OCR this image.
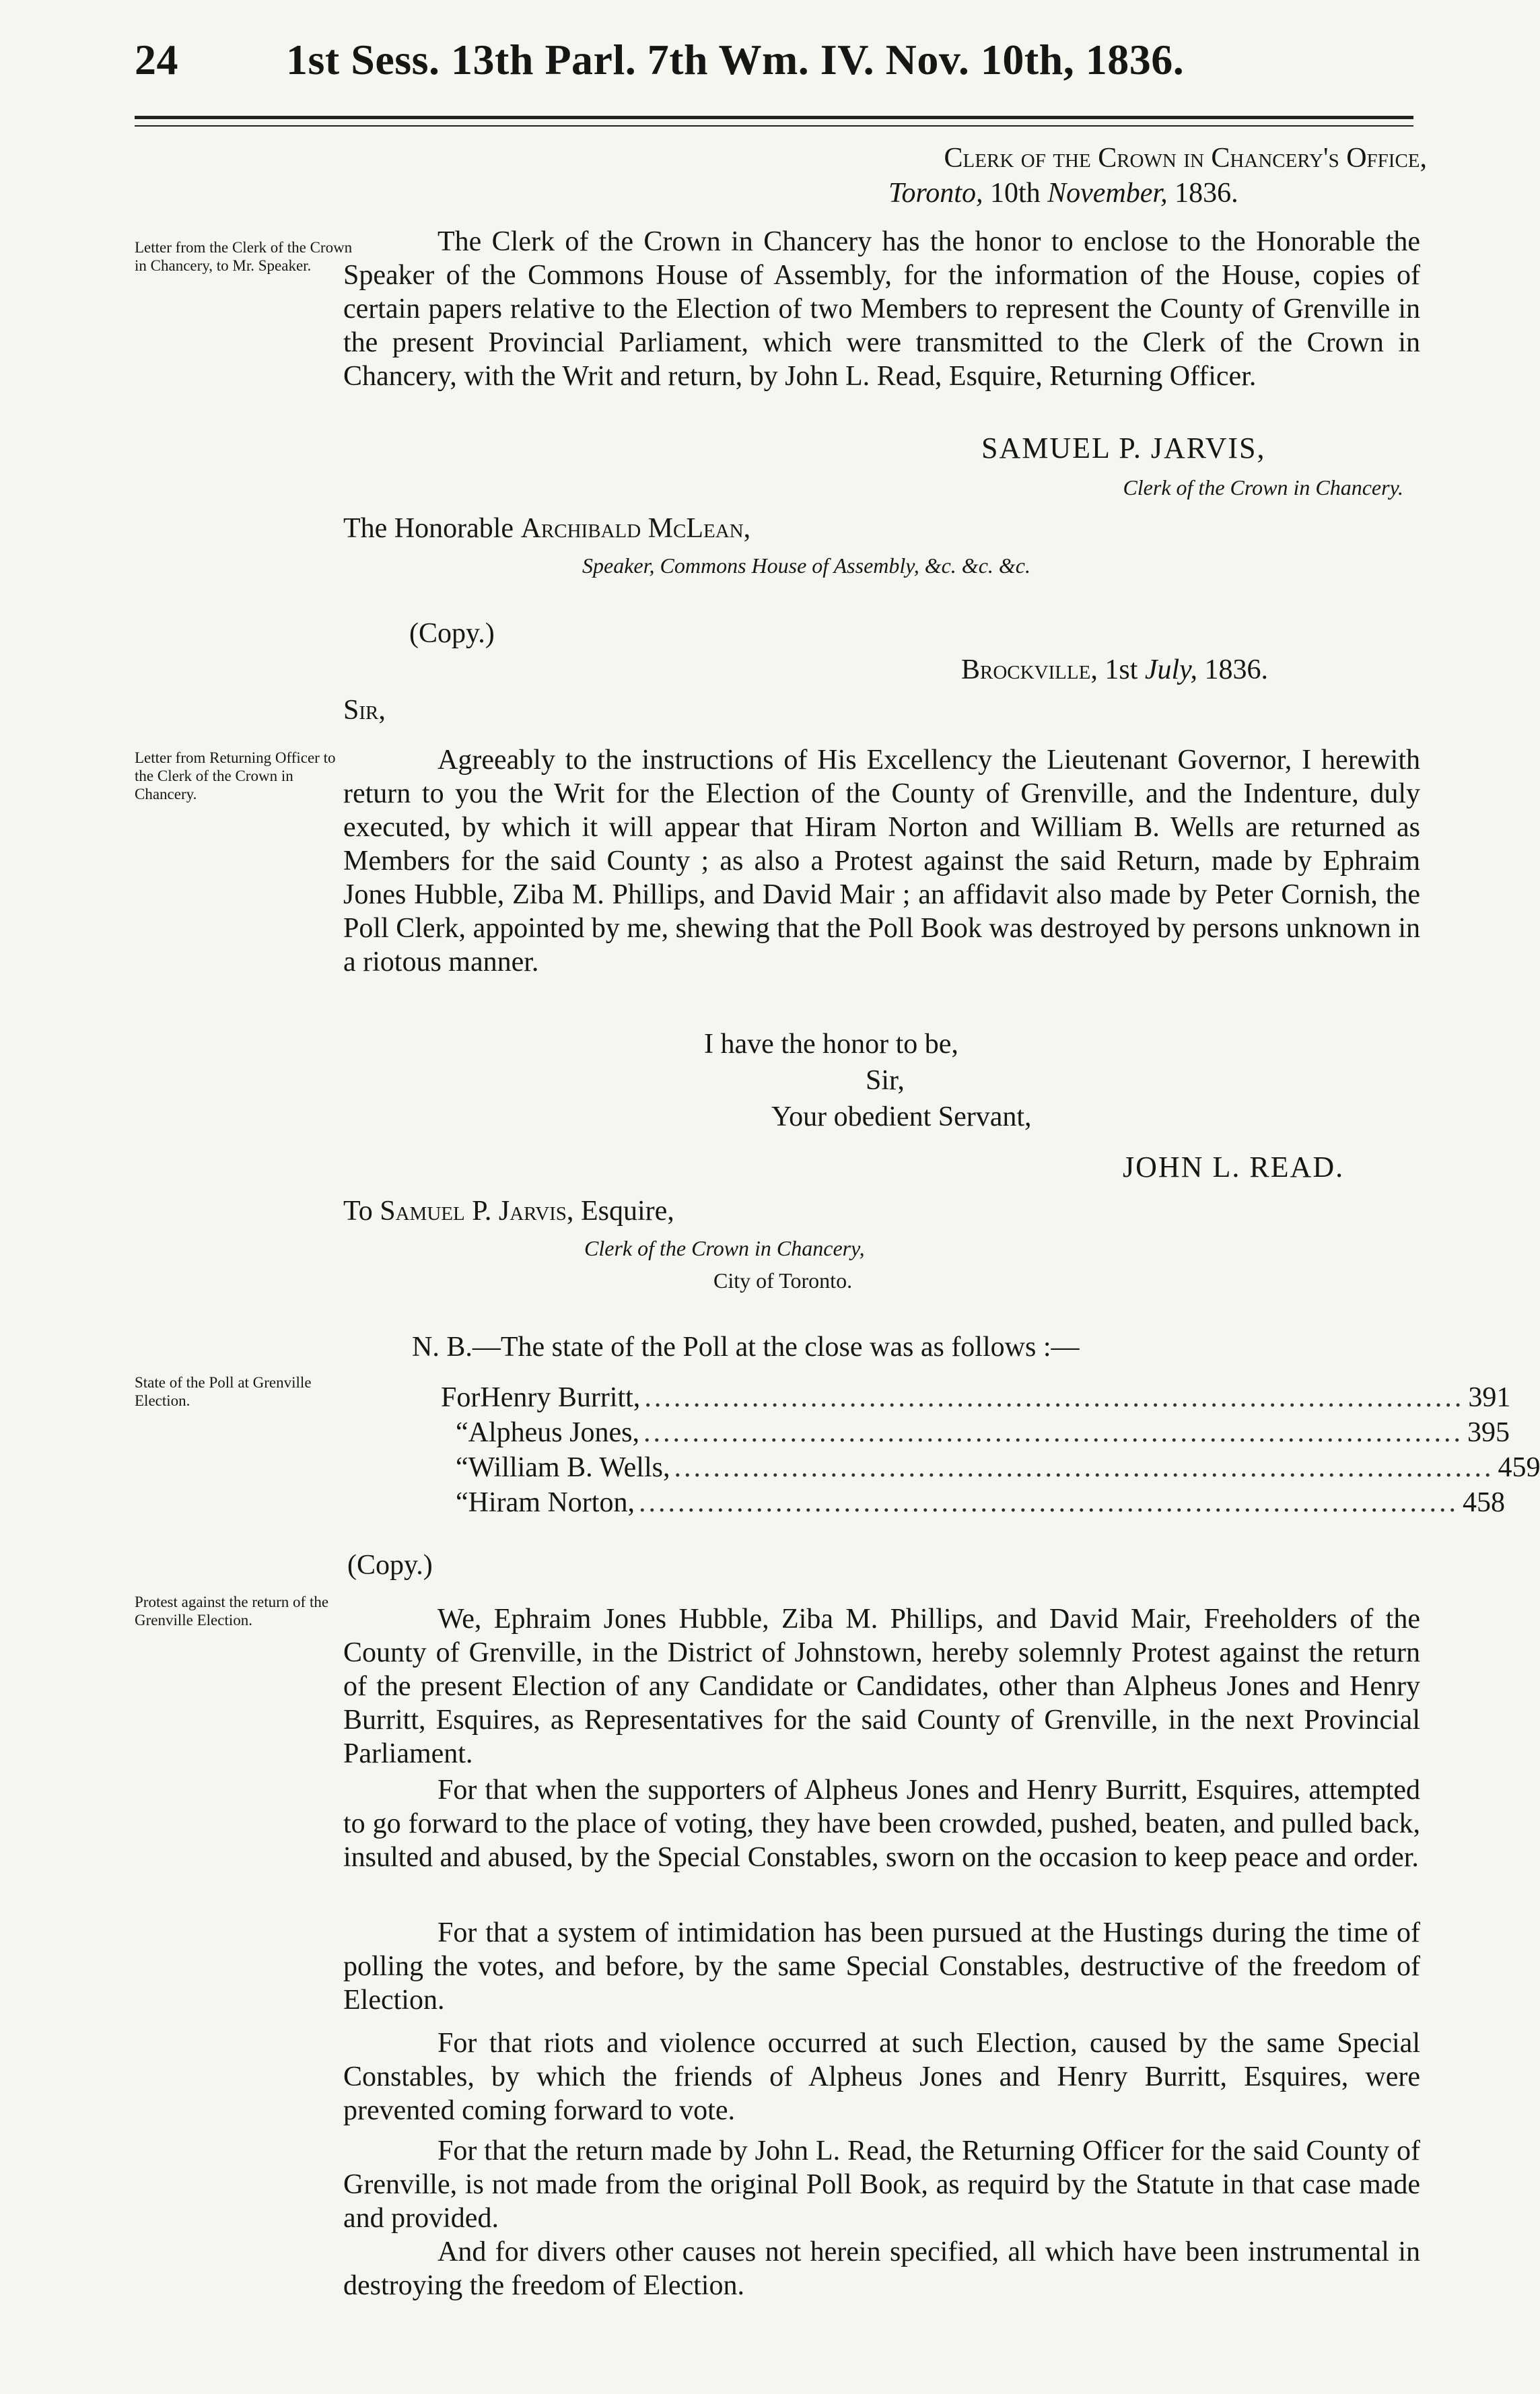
24	1st Sess. 13th Parl. 7th Wm. IV. Nov. 10th, 1836.
Clerk of the Crown in Chancery's Office,
Toronto, 10th November, 1836.
Letter from the Clerk of the Crown in Chancery, to Mr. Speaker.
The Clerk of the Crown in Chancery has the honor to enclose to the Honorable the Speaker of the Commons House of Assembly, for the information of the House, copies of certain papers relative to the Election of two Members to represent the County of Grenville in the present Provincial Parliament, which were transmitted to the Clerk of the Crown in Chancery, with the Writ and return, by John L. Read, Esquire, Returning Officer.
SAMUEL P. JARVIS,
Clerk of the Crown in Chancery.
The Honorable Archibald McLean,
Speaker, Commons House of Assembly, &c. &c. &c.
(Copy.)
Brockville, 1st July, 1836.
Sir,
Letter from Returning Officer to the Clerk of the Crown in Chancery.
Agreeably to the instructions of His Excellency the Lieutenant Governor, I herewith return to you the Writ for the Election of the County of Grenville, and the Indenture, duly executed, by which it will appear that Hiram Norton and William B. Wells are returned as Members for the said County ; as also a Protest against the said Return, made by Ephraim Jones Hubble, Ziba M. Phillips, and David Mair ; an affidavit also made by Peter Cornish, the Poll Clerk, appointed by me, shewing that the Poll Book was destroyed by persons unknown in a riotous manner.
I have the honor to be,
Sir,
Your obedient Servant,
JOHN L. READ.
To Samuel P. Jarvis, Esquire,
Clerk of the Crown in Chancery,
City of Toronto.
N. B.—The state of the Poll at the close was as follows :—
State of the Poll at Grenville Election.	For Henry Burritt, .................................................................................... 391
“ Alpheus Jones, .................................................................................... 395
“ William B. Wells, .................................................................................... 459
“ Hiram Norton, .................................................................................... 458
(Copy.)
Protest against the return of the Grenville Election.	We, Ephraim Jones Hubble, Ziba M. Phillips, and David Mair, Freeholders of the County of Grenville, in the District of Johnstown, hereby solemnly Protest against the return of the present Election of any Candidate or Candidates, other than Alpheus Jones and Henry Burritt, Esquires, as Representatives for the said County of Grenville, in the next Provincial Parliament.
For that when the supporters of Alpheus Jones and Henry Burritt, Esquires, attempted to go forward to the place of voting, they have been crowded, pushed, beaten, and pulled back, insulted and abused, by the Special Constables, sworn on the occasion to keep peace and order.
For that a system of intimidation has been pursued at the Hustings during the time of polling the votes, and before, by the same Special Constables, destructive of the freedom of Election.
For that riots and violence occurred at such Election, caused by the same Special Constables, by which the friends of Alpheus Jones and Henry Burritt, Esquires, were prevented coming forward to vote.
For that the return made by John L. Read, the Returning Officer for the said County of Grenville, is not made from the original Poll Book, as requird by the Statute in that case made and provided.
And for divers other causes not herein specified, all which have been instrumental in destroying the freedom of Election.
